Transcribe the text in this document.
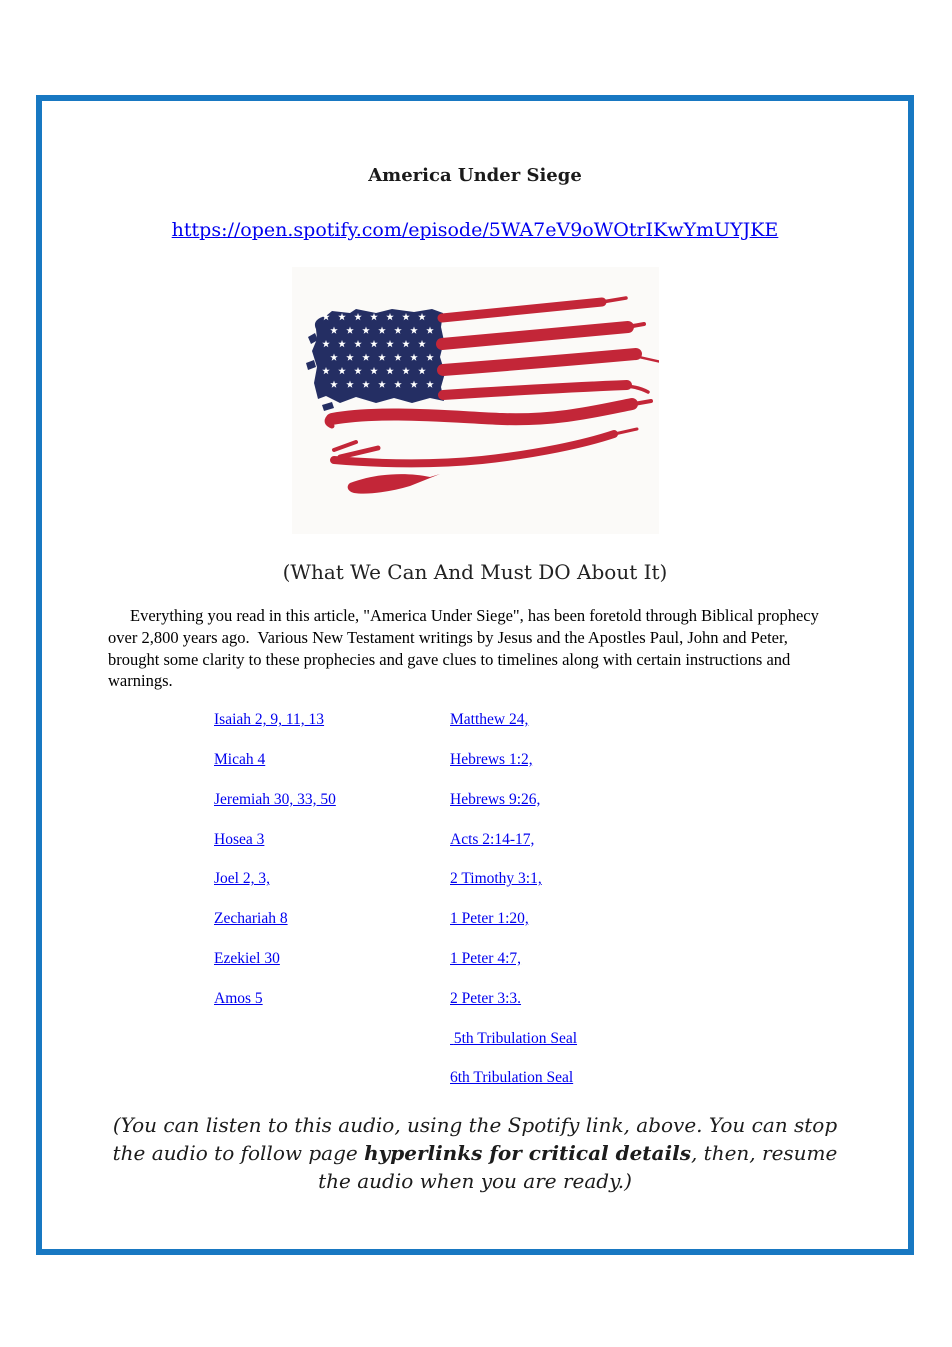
America Under Siege
https://open.spotify.com/episode/5WA7eV9oWOtrIKwYmUYJKE
(What We Can And Must DO About It)

Everything you read in this article, "America Under Siege", has been foretold through Biblical prophecy over 2,800 years ago.  Various New Testament writings by Jesus and the Apostles Paul, John and Peter, brought some clarity to these prophecies and gave clues to timelines along with certain instructions and warnings.

Isaiah 2, 9, 11, 13
Micah 4
Jeremiah 30, 33, 50
Hosea 3
Joel 2, 3,
Zechariah 8
Ezekiel 30
Amos 5
Matthew 24,
Hebrews 1:2,
Hebrews 9:26,
Acts 2:14-17,
2 Timothy 3:1,
1 Peter 1:20,
1 Peter 4:7,
2 Peter 3:3.
5th Tribulation Seal
6th Tribulation Seal

(You can listen to this audio, using the Spotify link, above. You can stop the audio to follow page hyperlinks for critical details, then, resume the audio when you are ready.)
